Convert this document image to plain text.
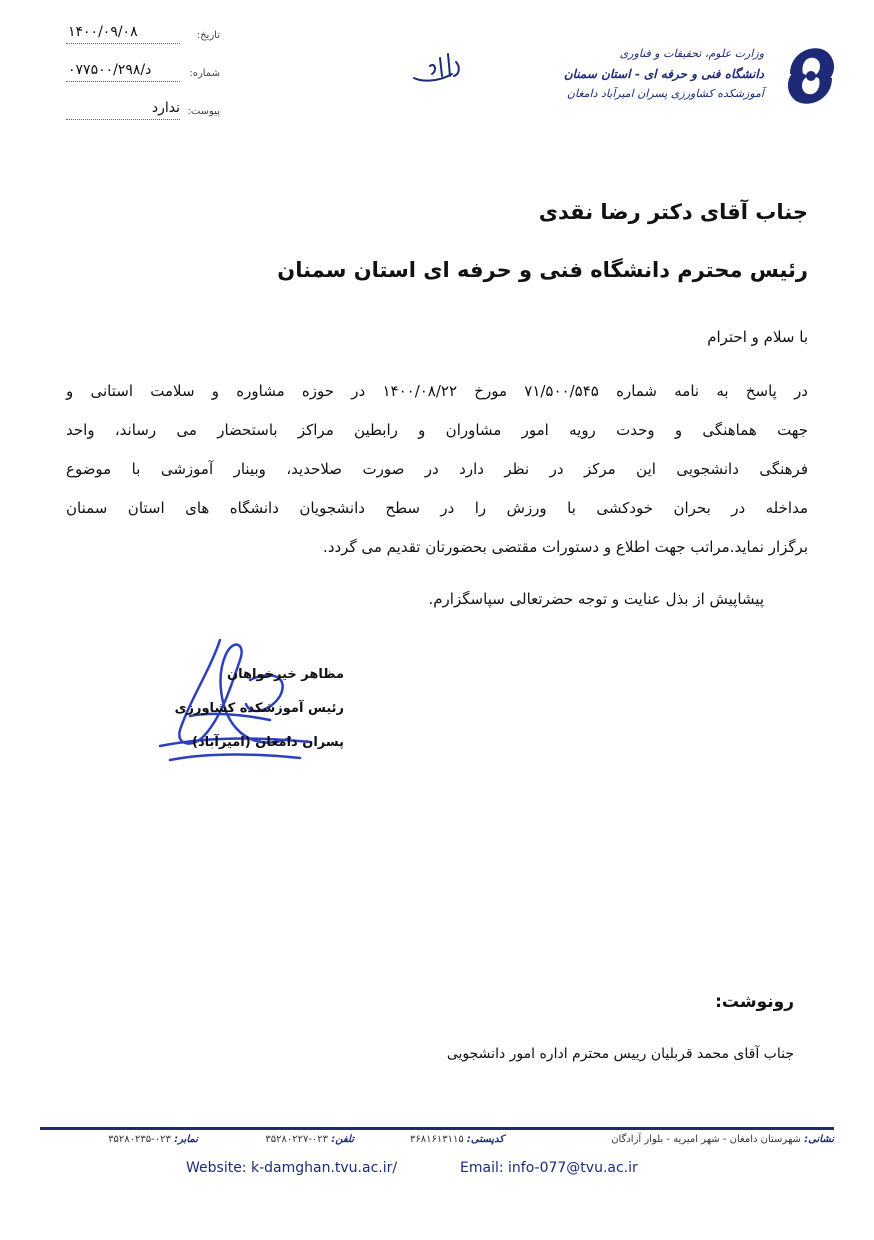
وزارت علوم، تحقیقات و فناوری
دانشگاه فنی و حرفه ای - استان سمنان
آموزشکده کشاورزی پسران امیرآباد دامغان
تاریخ:
۱۴۰۰/۰۹/۰۸
شماره:
۰۷۷د/۵۰۰/۲۹۸
پیوست:
ندارد
جناب آقای دکتر رضا نقدی
رئیس محترم دانشگاه فنی و حرفه ای استان سمنان
با سلام و احترام
در پاسخ به نامه شماره ۷۱/۵۰۰/۵۴۵ مورخ ۱۴۰۰/۰۸/۲۲ در حوزه مشاوره و سلامت استانی و
جهت هماهنگی و وحدت رویه امور مشاوران و رابطین مراکز باستحضار می رساند، واحد
فرهنگی دانشجویی این مرکز در نظر دارد در صورت صلاحدید، وبینار آموزشی با موضوع
مداخله در بحران خودکشی با ورزش را در سطح دانشجویان دانشگاه های استان سمنان
برگزار نماید.مراتب جهت اطلاع و دستورات مقتضی بحضورتان تقدیم می گردد.
پیشاپیش از بذل عنایت و توجه حضرتعالی سپاسگزارم.
مظاهر خیرخواهان
رئیس آموزشکده کشاورزی
پسران دامغان (امیرآباد)
رونوشت:
جناب آقای محمد قربلیان رییس محترم اداره امور دانشجویی
نشانی: شهرستان دامغان - شهر امیریه - بلوار آزادگان
کدپستی: ۳۶۸۱۶۱۳۱۱۵
تلفن: ۰۲۳-۳۵۲۸۰۲۲۷
نمابر: ۰۲۳-۳۵۲۸۰۲۳۵
Website: k-damghan.tvu.ac.ir/	Email: info-077@tvu.ac.ir
